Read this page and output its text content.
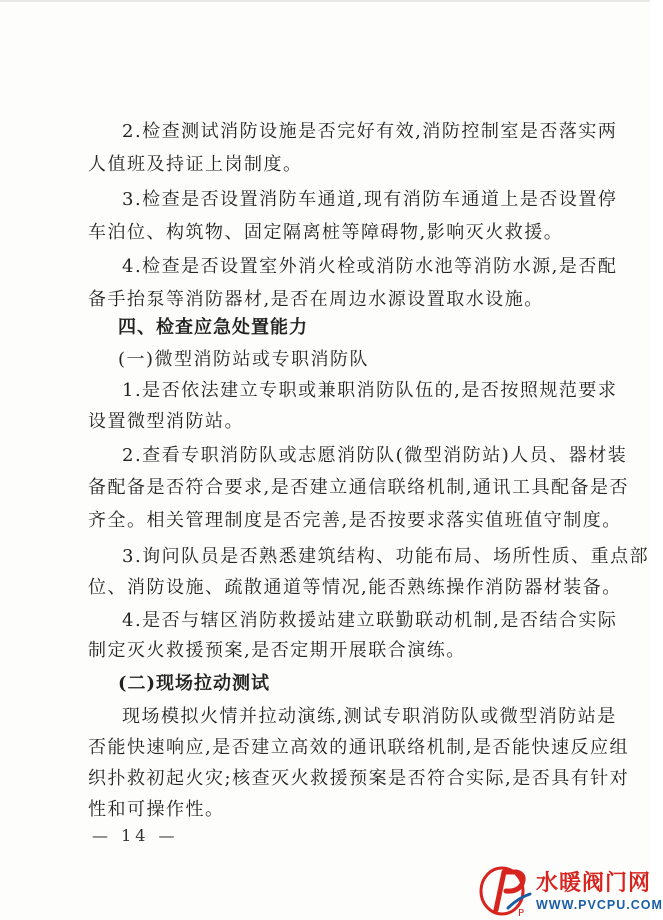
2.检查测试消防设施是否完好有效,消防控制室是否落实两
人值班及持证上岗制度。
3.检查是否设置消防车通道,现有消防车通道上是否设置停
车泊位、构筑物、固定隔离桩等障碍物,影响灭火救援。
4.检查是否设置室外消火栓或消防水池等消防水源,是否配
备手抬泵等消防器材,是否在周边水源设置取水设施。
四、检查应急处置能力
(一)微型消防站或专职消防队
1.是否依法建立专职或兼职消防队伍的,是否按照规范要求
设置微型消防站。
2.查看专职消防队或志愿消防队(微型消防站)人员、器材装
备配备是否符合要求,是否建立通信联络机制,通讯工具配备是否
齐全。相关管理制度是否完善,是否按要求落实值班值守制度。
3.询问队员是否熟悉建筑结构、功能布局、场所性质、重点部
位、消防设施、疏散通道等情况,能否熟练操作消防器材装备。
4.是否与辖区消防救援站建立联勤联动机制,是否结合实际
制定灭火救援预案,是否定期开展联合演练。
(二)现场拉动测试
现场模拟火情并拉动演练,测试专职消防队或微型消防站是
否能快速响应,是否建立高效的通讯联络机制,是否能快速反应组
织扑救初起火灾;核查灭火救援预案是否符合实际,是否具有针对
性和可操作性。
— 14 —
P
水暖阀门网
WWW.PVCPU.COM
